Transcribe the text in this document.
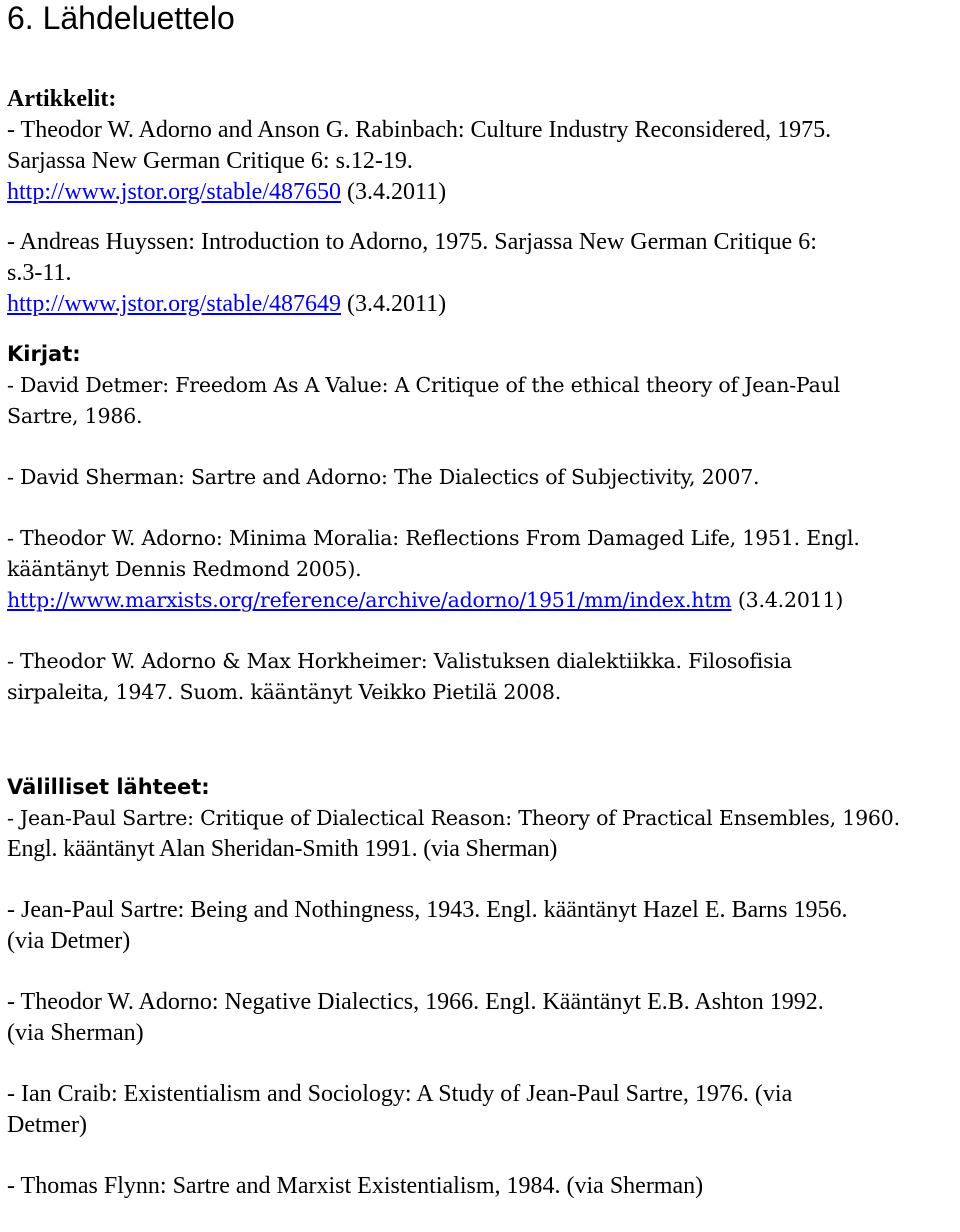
6. Lähdeluettelo
Artikkelit:
- Theodor W. Adorno and Anson G. Rabinbach: Culture Industry Reconsidered, 1975.
Sarjassa New German Critique 6: s.12-19.
http://www.jstor.org/stable/487650 (3.4.2011)
- Andreas Huyssen: Introduction to Adorno, 1975. Sarjassa New German Critique 6:
s.3-11.
http://www.jstor.org/stable/487649 (3.4.2011)
Kirjat:
- David Detmer: Freedom As A Value: A Critique of the ethical theory of Jean-Paul
Sartre, 1986.
- David Sherman: Sartre and Adorno: The Dialectics of Subjectivity, 2007.
- Theodor W. Adorno: Minima Moralia: Reflections From Damaged Life, 1951. Engl.
kääntänyt Dennis Redmond 2005).
http://www.marxists.org/reference/archive/adorno/1951/mm/index.htm (3.4.2011)
- Theodor W. Adorno & Max Horkheimer: Valistuksen dialektiikka. Filosofisia
sirpaleita, 1947. Suom. kääntänyt Veikko Pietilä 2008.
Välilliset lähteet:
- Jean-Paul Sartre: Critique of Dialectical Reason: Theory of Practical Ensembles, 1960.
Engl. kääntänyt Alan Sheridan-Smith 1991. (via Sherman)
- Jean-Paul Sartre: Being and Nothingness, 1943. Engl. kääntänyt Hazel E. Barns 1956.
(via Detmer)
- Theodor W. Adorno: Negative Dialectics, 1966. Engl. Kääntänyt E.B. Ashton 1992.
(via Sherman)
- Ian Craib: Existentialism and Sociology: A Study of Jean-Paul Sartre, 1976. (via
Detmer)
- Thomas Flynn: Sartre and Marxist Existentialism, 1984. (via Sherman)
